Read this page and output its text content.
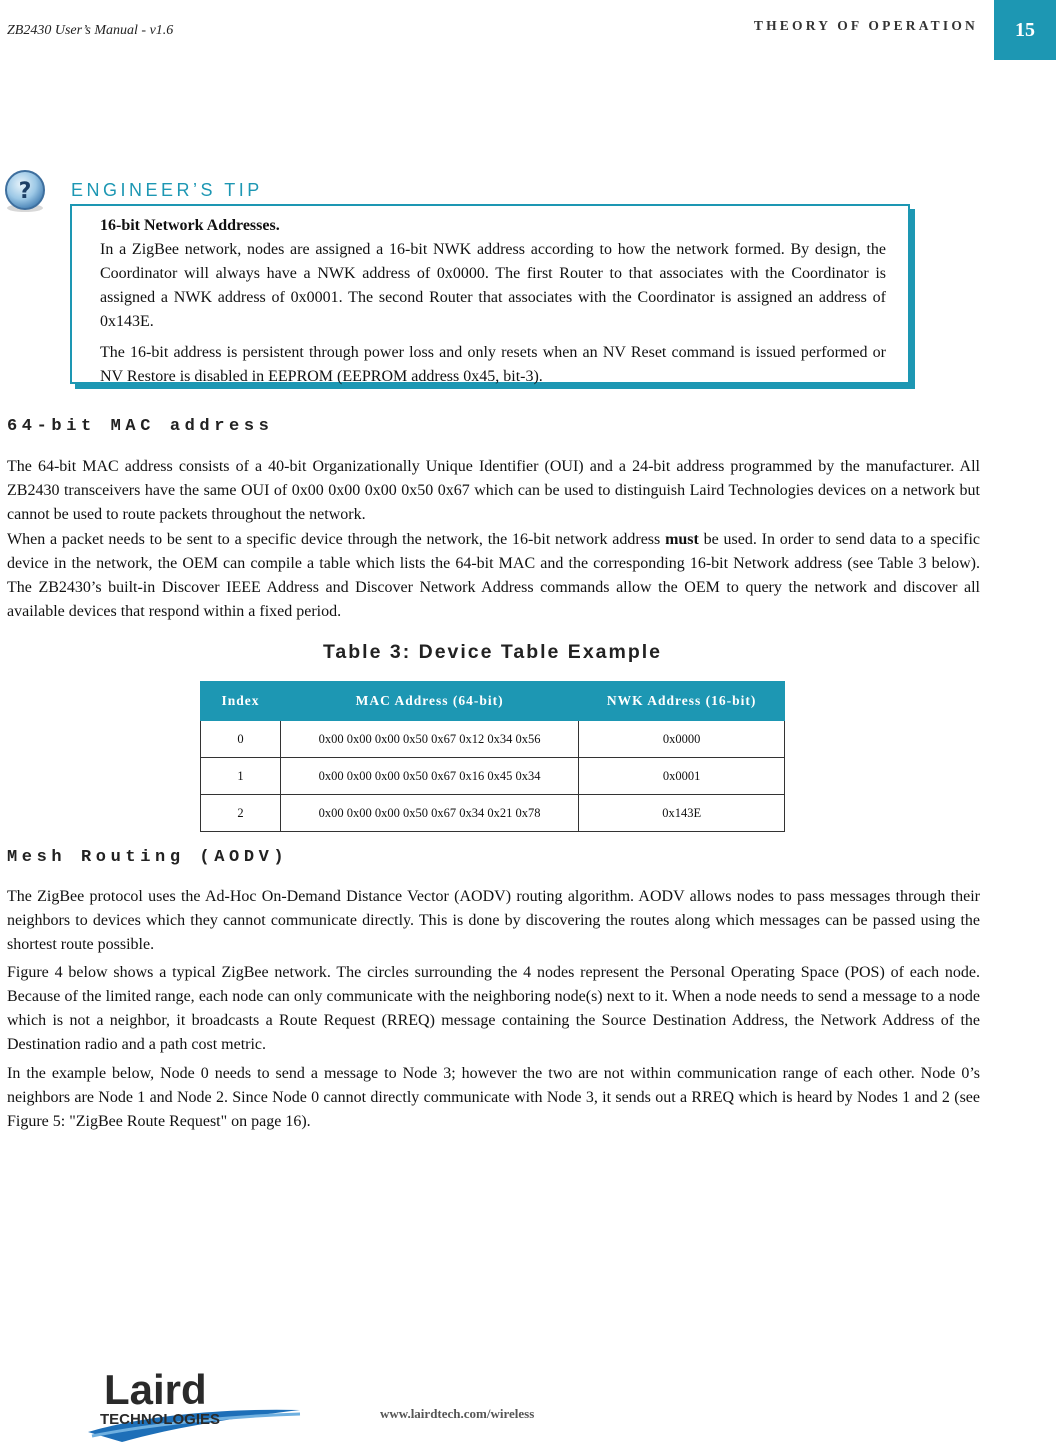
ZB2430 User’s Manual - v1.6	THEORY OF OPERATION 15
? ENGINEER’S TIP

16-bit Network Addresses.
In a ZigBee network, nodes are assigned a 16-bit NWK address according to how the network formed. By design, the Coordinator will always have a NWK address of 0x0000. The first Router to that associates with the Coordinator is assigned a NWK address of 0x0001. The second Router that associates with the Coordinator is assigned an address of 0x143E.

The 16-bit address is persistent through power loss and only resets when an NV Reset command is issued performed or NV Restore is disabled in EEPROM (EEPROM address 0x45, bit-3).

64-bit MAC address

The 64-bit MAC address consists of a 40-bit Organizationally Unique Identifier (OUI) and a 24-bit address programmed by the manufacturer. All ZB2430 transceivers have the same OUI of 0x00 0x00 0x00 0x50 0x67 which can be used to distinguish Laird Technologies devices on a network but cannot be used to route packets throughout the network.

When a packet needs to be sent to a specific device through the network, the 16-bit network address must be used. In order to send data to a specific device in the network, the OEM can compile a table which lists the 64-bit MAC and the corresponding 16-bit Network address (see Table 3 below). The ZB2430’s built-in Discover IEEE Address and Discover Network Address commands allow the OEM to query the network and discover all available devices that respond within a fixed period.

Table 3: Device Table Example
Index	MAC Address (64-bit)	NWK Address (16-bit)
0	0x00 0x00 0x00 0x50 0x67 0x12 0x34 0x56	0x0000
1	0x00 0x00 0x00 0x50 0x67 0x16 0x45 0x34	0x0001
2	0x00 0x00 0x00 0x50 0x67 0x34 0x21 0x78	0x143E
Mesh Routing (AODV)

The ZigBee protocol uses the Ad-Hoc On-Demand Distance Vector (AODV) routing algorithm. AODV allows nodes to pass messages through their neighbors to devices which they cannot communicate directly. This is done by discovering the routes along which messages can be passed using the shortest route possible.

Figure 4 below shows a typical ZigBee network. The circles surrounding the 4 nodes represent the Personal Operating Space (POS) of each node. Because of the limited range, each node can only communicate with the neighboring node(s) next to it. When a node needs to send a message to a node which is not a neighbor, it broadcasts a Route Request (RREQ) message containing the Source Destination Address, the Network Address of the Destination radio and a path cost metric.

In the example below, Node 0 needs to send a message to Node 3; however the two are not within communication range of each other. Node 0’s neighbors are Node 1 and Node 2. Since Node 0 cannot directly communicate with Node 3, it sends out a RREQ which is heard by Nodes 1 and 2 (see Figure 5: "ZigBee Route Request" on page 16).

Laird
TECHNOLOGIES	www.lairdtech.com/wireless
